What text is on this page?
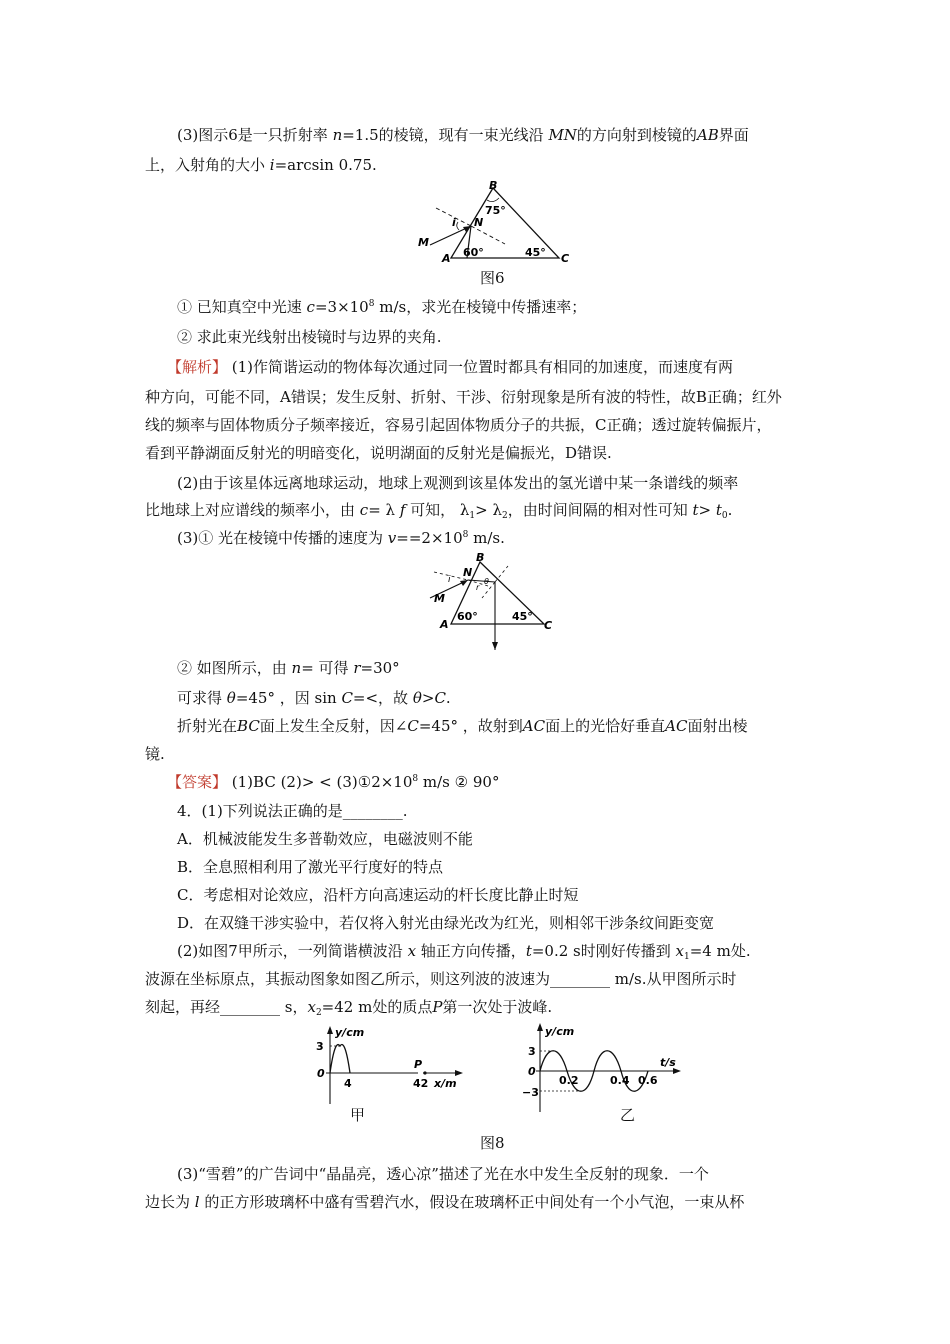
(3)图示6是一只折射率 n=1.5的棱镜，现有一束光线沿 MN的方向射到棱镜的AB界面
上，入射角的大小 i=arcsin 0.75.
B
N
i
M
A	C
75°
60°	45°
图6
① 已知真空中光速 $c=3\times 10^8$ m/s，求光在棱镜中传播速率；
② 求此束光线射出棱镜时与边界的夹角.
【解析】 (1)作简谐运动的物体每次通过同一位置时都具有相同的加速度，而速度有两
种方向，可能不同，A错误；发生反射、折射、干涉、衍射现象是所有波的特性，故B正确；红外
线的频率与固体物质分子频率接近，容易引起固体物质分子的共振，C正确；透过旋转偏振片，
看到平静湖面反射光的明暗变化，说明湖面的反射光是偏振光，D错误.
(2)由于该星体远离地球运动，地球上观测到该星体发出的氢光谱中某一条谱线的频率
比地球上对应谱线的频率小，由 c= λ f 可知， $\lambda_1> \lambda_2$，由时间间隔的相对性可知 $t> t_0$.
(3)① 光在棱镜中传播的速度为 $v==2\times 10^8$ m/s.
B
N
i
r
θ
M
A	C
60°	45°
② 如图所示，由 n= 可得 r=30°
可求得 θ=45° ，因 sin C=<，故 θ>C.
折射光在BC面上发生全反射，因∠C=45° ，故射到AC面上的光恰好垂直AC面射出棱
镜.
【答案】 (1)BC $(2)> < (3)①2\times 10^8$ m/s ② 90°
4．(1)下列说法正确的是________.
A．机械波能发生多普勒效应，电磁波则不能
B．全息照相利用了激光平行度好的特点
C．考虑相对论效应，沿杆方向高速运动的杆长度比静止时短
D．在双缝干涉实验中，若仅将入射光由绿光改为红光，则相邻干涉条纹间距变宽
(2)如图7甲所示，一列简谐横波沿 x 轴正方向传播，t=0.2 s时刚好传播到 $x_1=4$ m处.
波源在坐标原点，其振动图象如图乙所示，则这列波的波速为________ m/s.从甲图所示时
刻起，再经________ s，$x_2=42$ m处的质点P第一次处于波峰.
y/cm
3
0
4
P
42 x/m
甲
y/cm
3
0
−3
0.2	0.4 0.6
t/s
乙
图8
(3)“雪碧”的广告词中“晶晶亮，透心凉”描述了光在水中发生全反射的现象．一个
边长为 l 的正方形玻璃杯中盛有雪碧汽水，假设在玻璃杯正中间处有一个小气泡，一束从杯
